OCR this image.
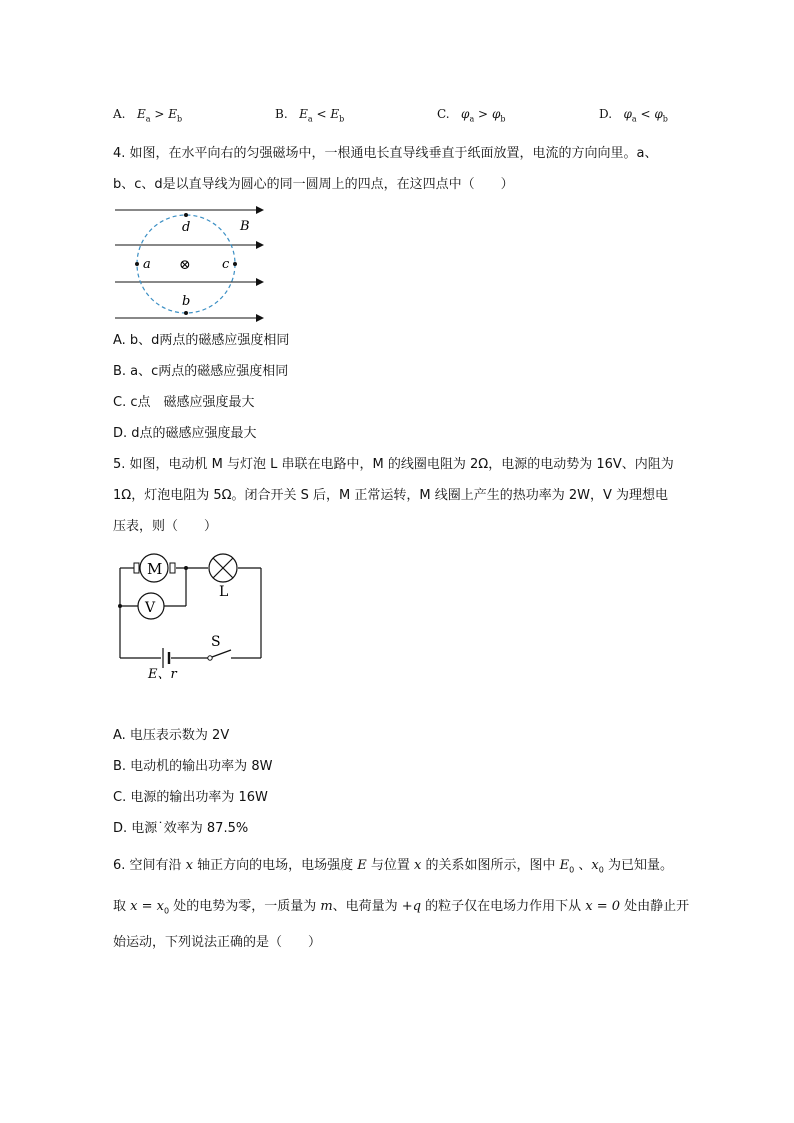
A. $E_a > E_b$	B. $E_a < E_b$	C. $\varphi_a > \varphi_b$	D. $\varphi_a < \varphi_b$
4. 如图，在水平向右的匀强磁场中，一根通电长直导线垂直于纸面放置，电流的方向向里。a、
b、c、d是以直导线为圆心的同一圆周上的四点，在这四点中（　　）
d	B
a	c
b
⊗
A. b、d两点的磁感应强度相同
B. a、c两点的磁感应强度相同
C. c点　磁感应强度最大
D. d点的磁感应强度最大
5. 如图，电动机 M 与灯泡 L 串联在电路中，M 的线圈电阻为 2Ω，电源的电动势为 16V、内阻为
1Ω，灯泡电阻为 5Ω。闭合开关 S 后，M 正常运转，M 线圈上产生的热功率为 2W，V 为理想电
压表，则（　　）
M
V
L
S
E、r
A. 电压表示数为 2V
B. 电动机的输出功率为 8W
C. 电源的输出功率为 16W
D. 电源˙效率为 87.5%
6. 空间有沿 x 轴正方向的电场，电场强度 E 与位置 x 的关系如图所示，图中 $E_0$ 、$x_0$ 为已知量。
取 $x = x_0$ 处的电势为零，一质量为 m、电荷量为 +q 的粒子仅在电场力作用下从 x = 0 处由静止开
始运动，下列说法正确的是（　　）
